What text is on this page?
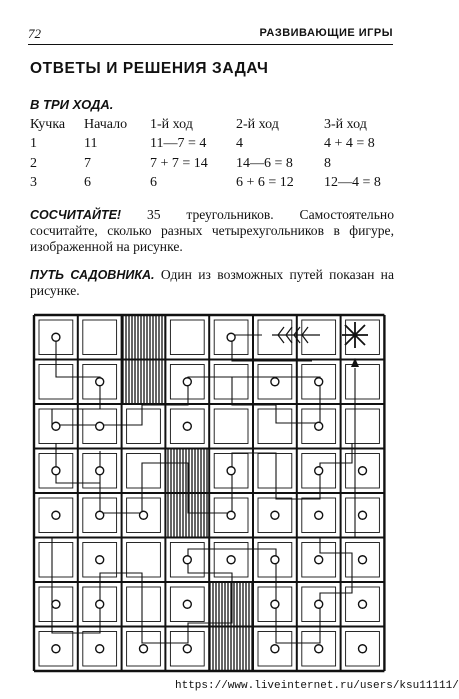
72	РАЗВИВАЮЩИЕ ИГРЫ
ОТВЕТЫ И РЕШЕНИЯ ЗАДАЧ
В ТРИ ХОДА.
Кучка	Начало	1-й ход	2-й ход	3-й ход
1	11	11—7 = 4	4	4 + 4 = 8
2	7	7 + 7 = 14	14—6 = 8	8
3	6	6	6 + 6 = 12	12—4 = 8
СОСЧИТАЙТЕ! 35 треугольников. Самостоятельно сосчитайте, сколько разных четырехугольников в фигуре, изображенной на рисунке.
ПУТЬ САДОВНИКА. Один из возможных путей показан на рисунке.
https://www.liveinternet.ru/users/ksu11111/
